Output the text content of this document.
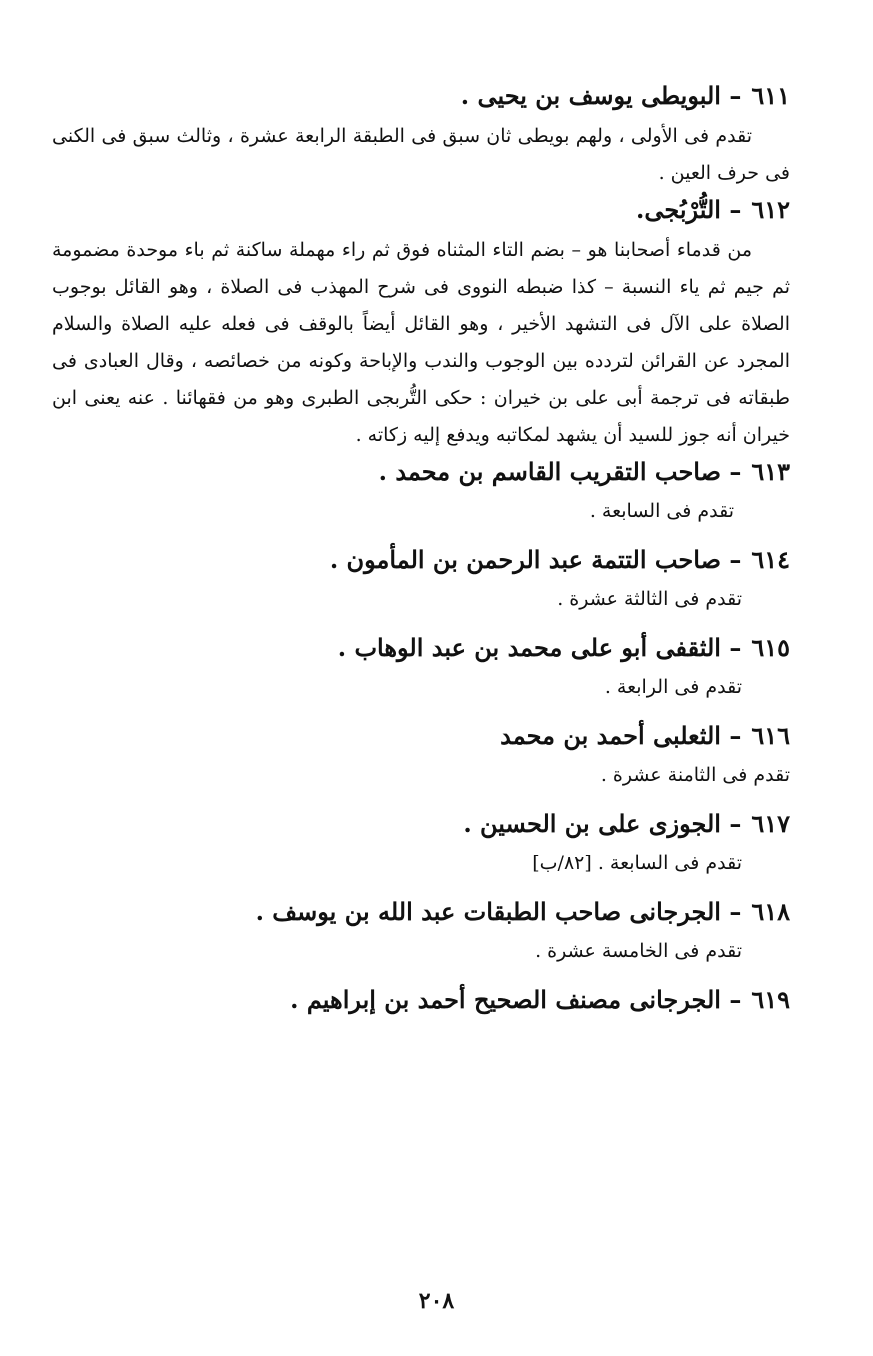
٦١١– البويطى يوسف بن يحيى .

تقدم فى الأولى ، ولهم بويطى ثان سبق فى الطبقة الرابعة عشرة ، وثالث سبق فى الكنى فى حرف العين .

٦١٢– التُّرْبُجى.

من قدماء أصحابنا هو – بضم التاء المثناه فوق ثم راء مهملة ساكنة ثم باء موحدة مضمومة ثم جيم ثم ياء النسبة – كذا ضبطه النووى فى شرح المهذب فى الصلاة ، وهو القائل بوجوب الصلاة على الآل فى التشهد الأخير ، وهو القائل أيضاً بالوقف فى فعله عليه الصلاة والسلام المجرد عن القرائن لتردده بين الوجوب والندب والإباحة وكونه من خصائصه ، وقال العبادى فى طبقاته فى ترجمة أبى على بن خيران : حكى التُّربجى الطبرى وهو من فقهائنا . عنه يعنى ابن خيران أنه جوز للسيد أن يشهد لمكاتبه ويدفع إليه زكاته .

٦١٣– صاحب التقريب القاسم بن محمد .

تقدم فى السابعة .

٦١٤– صاحب التتمة عبد الرحمن بن المأمون .

تقدم فى الثالثة عشرة .

٦١٥– الثقفى أبو على محمد بن عبد الوهاب .

تقدم فى الرابعة .

٦١٦– الثعلبى أحمد بن محمد

تقدم فى الثامنة عشرة .

٦١٧– الجوزى على بن الحسين .

تقدم فى السابعة . [٨٢/ب]

٦١٨– الجرجانى صاحب الطبقات عبد الله بن يوسف .

تقدم فى الخامسة عشرة .

٦١٩– الجرجانى مصنف الصحيح أحمد بن إبراهيم .

٢٠٨
